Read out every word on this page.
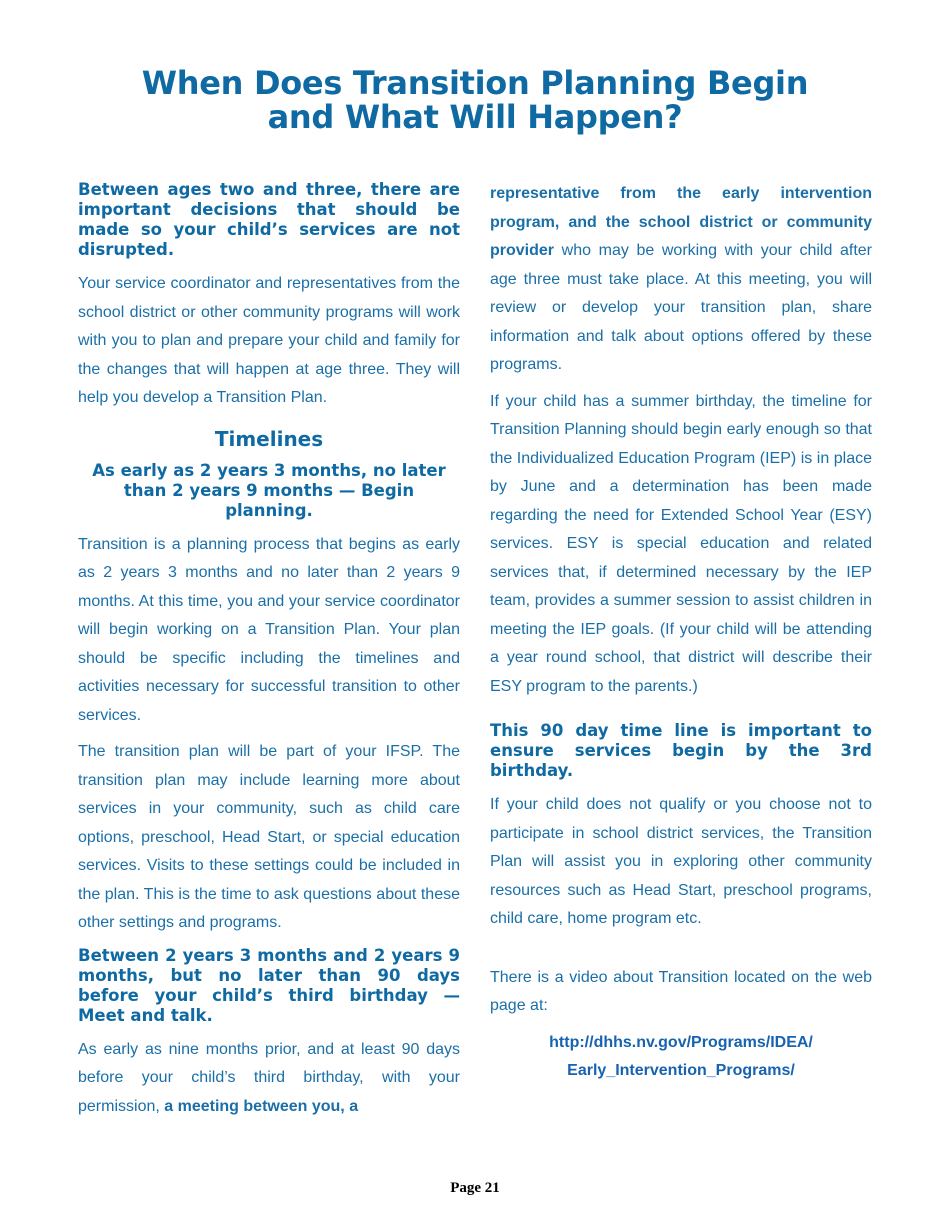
When Does Transition Planning Begin
and What Will Happen?
Between ages two and three, there are important decisions that should be made so your child’s services are not disrupted.

Your service coordinator and representatives from the school district or other community programs will work with you to plan and prepare your child and family for the changes that will happen at age three. They will help you develop a Transition Plan.

Timelines
As early as 2 years 3 months, no later than 2 years 9 months — Begin planning.

Transition is a planning process that begins as early as 2 years 3 months and no later than 2 years 9 months. At this time, you and your service coordinator will begin working on a Transition Plan. Your plan should be specific including the timelines and activities necessary for successful transition to other services.

The transition plan will be part of your IFSP. The transition plan may include learning more about services in your community, such as child care options, preschool, Head Start, or special education services. Visits to these settings could be included in the plan. This is the time to ask questions about these other settings and programs.

Between 2 years 3 months and 2 years 9 months, but no later than 90 days before your child’s third birthday — Meet and talk.

As early as nine months prior, and at least 90 days before your child’s third birthday, with your permission, a meeting between you, a

representative from the early intervention program, and the school district or community provider who may be working with your child after age three must take place. At this meeting, you will review or develop your transition plan, share information and talk about options offered by these programs.

If your child has a summer birthday, the timeline for Transition Planning should begin early enough so that the Individualized Education Program (IEP) is in place by June and a determination has been made regarding the need for Extended School Year (ESY) services. ESY is special education and related services that, if determined necessary by the IEP team, provides a summer session to assist children in meeting the IEP goals. (If your child will be attending a year round school, that district will describe their ESY program to the parents.)

This 90 day time line is important to ensure services begin by the 3rd birthday.

If your child does not qualify or you choose not to participate in school district services, the Transition Plan will assist you in exploring other community resources such as Head Start, preschool programs, child care, home program etc.

There is a video about Transition located on the web page at:

http://dhhs.nv.gov/Programs/IDEA/
Early_Intervention_Programs/
Page 21
